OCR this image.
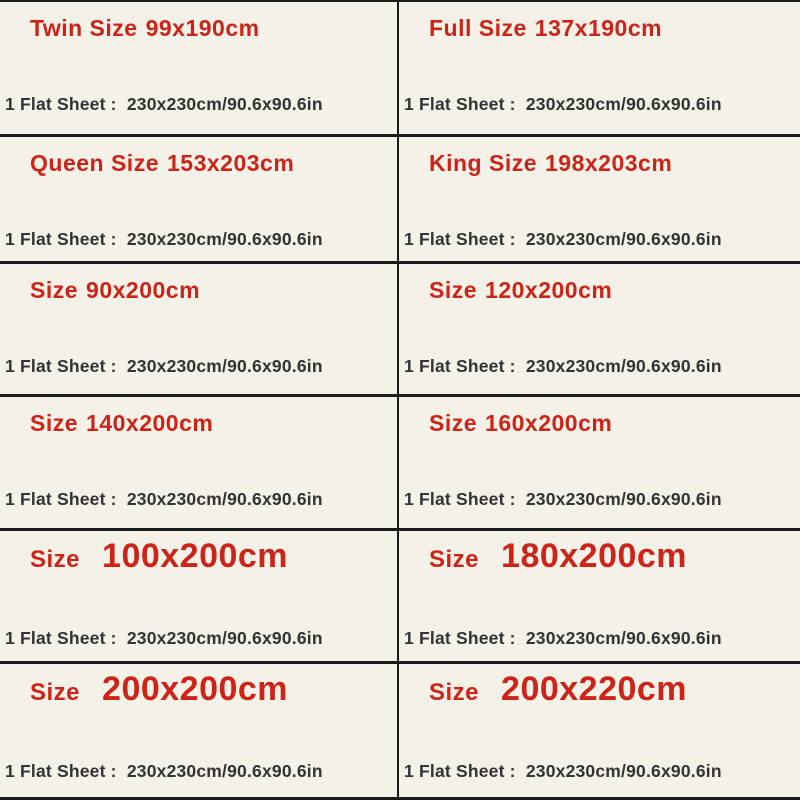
Twin Size 99x190cm

1 Flat Sheet :  230x230cm/90.6x90.6in

Full Size 137x190cm

1 Flat Sheet :  230x230cm/90.6x90.6in

Queen Size 153x203cm

1 Flat Sheet :  230x230cm/90.6x90.6in

King Size 198x203cm

1 Flat Sheet :  230x230cm/90.6x90.6in

Size 90x200cm

1 Flat Sheet :  230x230cm/90.6x90.6in

Size 120x200cm

1 Flat Sheet :  230x230cm/90.6x90.6in

Size 140x200cm

1 Flat Sheet :  230x230cm/90.6x90.6in

Size 160x200cm

1 Flat Sheet :  230x230cm/90.6x90.6in

Size 100x200cm

1 Flat Sheet :  230x230cm/90.6x90.6in

Size 180x200cm

1 Flat Sheet :  230x230cm/90.6x90.6in

Size 200x200cm

1 Flat Sheet :  230x230cm/90.6x90.6in

Size 200x220cm

1 Flat Sheet :  230x230cm/90.6x90.6in
